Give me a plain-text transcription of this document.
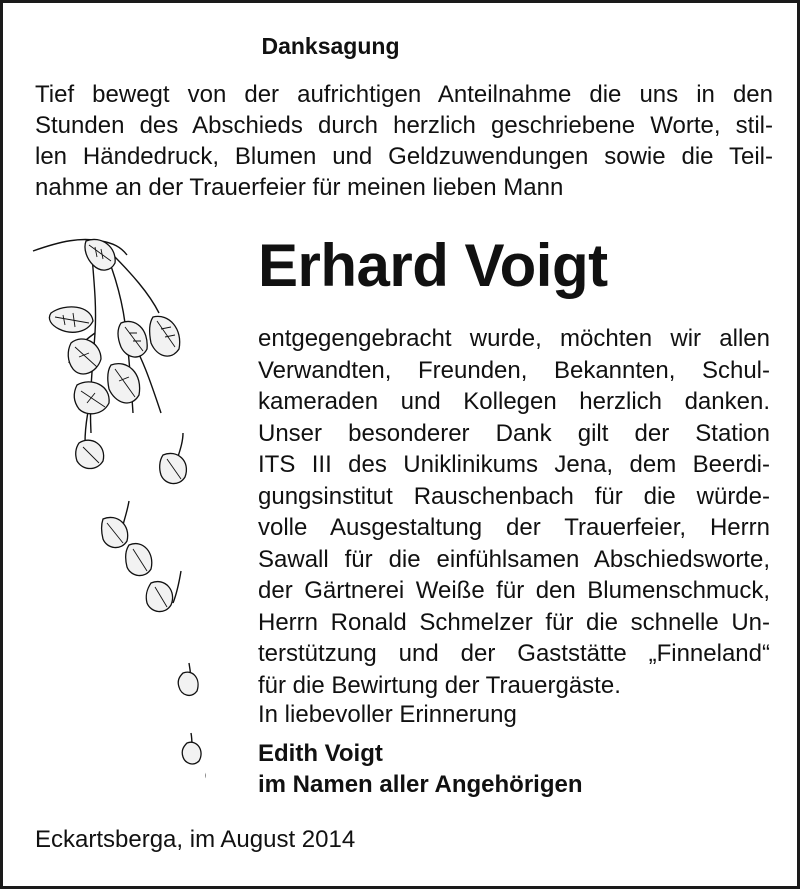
Danksagung
Tief bewegt von der aufrichtigen Anteilnahme die uns in den
Stunden des Abschieds durch herzlich geschriebene Worte, stil-
len Händedruck, Blumen und Geldzuwendungen sowie die Teil-
nahme an der Trauerfeier für meinen lieben Mann
Erhard Voigt
entgegengebracht wurde, möchten wir allen
Verwandten, Freunden, Bekannten, Schul-
kameraden und Kollegen herzlich danken.
Unser besonderer Dank gilt der Station
ITS III des Uniklinikums Jena, dem Beerdi-
gungsinstitut Rauschenbach für die würde-
volle Ausgestaltung der Trauerfeier, Herrn
Sawall für die einfühlsamen Abschiedsworte,
der Gärtnerei Weiße für den Blumenschmuck,
Herrn Ronald Schmelzer für die schnelle Un-
terstützung und der Gaststätte „Finneland“
für die Bewirtung der Trauergäste.
In liebevoller Erinnerung
Edith Voigt
im Namen aller Angehörigen
Eckartsberga, im August 2014
